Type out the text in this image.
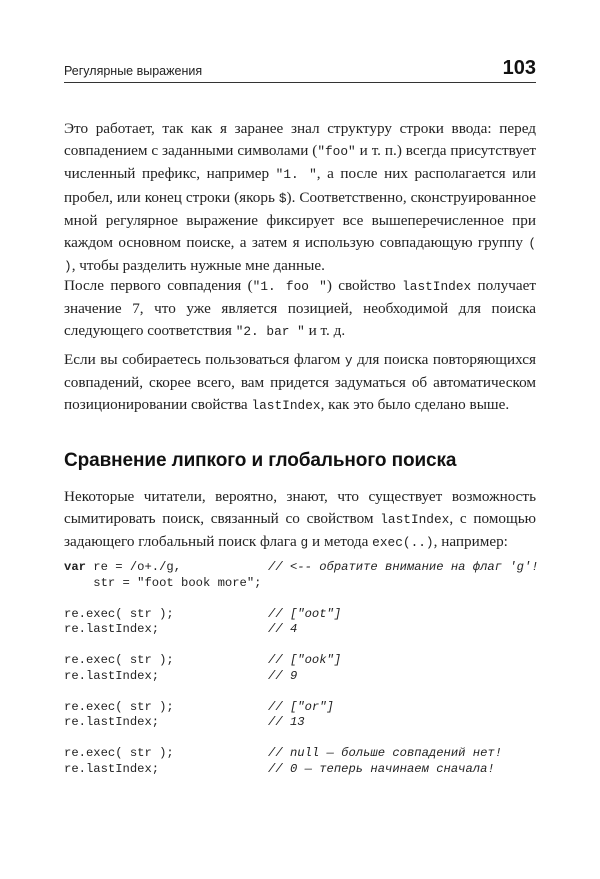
Регулярные выражения	103

Это работает, так как я заранее знал структуру строки ввода: перед совпадением с заданными символами ("foo" и т. п.) всегда присутствует численный префикс, например "1. ", а после них располагается или пробел, или конец строки (якорь $). Соответственно, сконструированное мной регулярное выражение фиксирует все вышеперечисленное при каждом основном поиске, а затем я использую совпадающую группу ( ), чтобы разделить нужные мне данные.

После первого совпадения ("1. foo ") свойство lastIndex получает значение 7, что уже является позицией, необходимой для поиска следующего соответствия "2. bar " и т. д.

Если вы собираетесь пользоваться флагом y для поиска повторяющихся совпадений, скорее всего, вам придется задуматься об автоматическом позиционировании свойства lastIndex, как это было сделано выше.

Сравнение липкого и глобального поиска

Некоторые читатели, вероятно, знают, что существует возможность сымитировать поиск, связанный со свойством lastIndex, с помощью задающего глобальный поиск флага g и метода exec(..), например:

var re = /o+./g,	// <-- обратите внимание на флаг 'g'!
str = "foot book more";
re.exec( str );	// ["oot"]
re.lastIndex;	// 4
re.exec( str );	// ["ook"]
re.lastIndex;	// 9
re.exec( str );	// ["or"]
re.lastIndex;	// 13
re.exec( str );	// null — больше совпадений нет!
re.lastIndex;	// 0 — теперь начинаем сначала!
